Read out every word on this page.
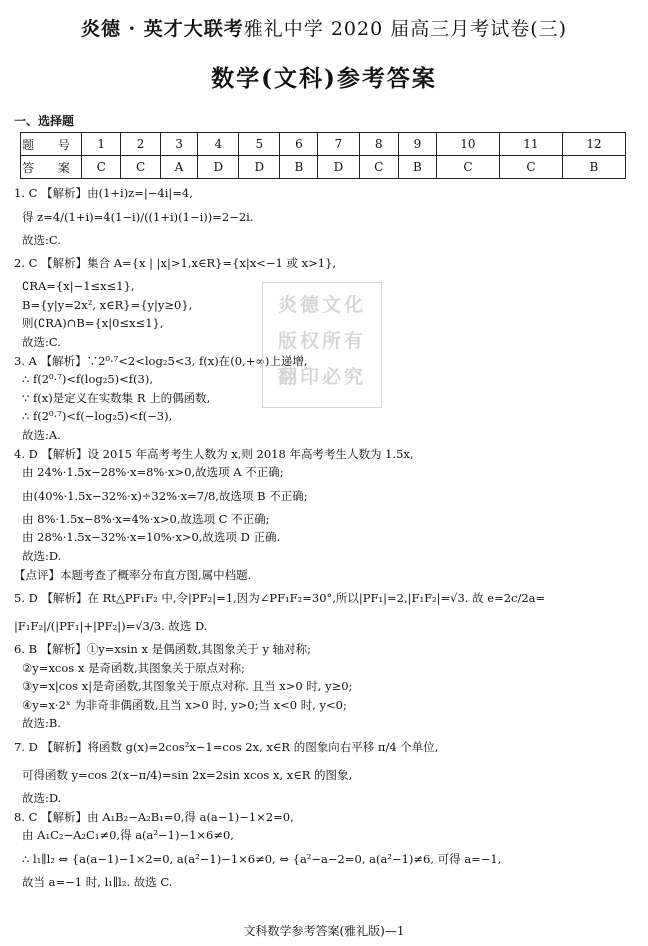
炎德 · 英才大联考雅礼中学 2020 届高三月考试卷(三)
数学(文科)参考答案
一、选择题
题 号	1	2	3	4	5	6	7	8	9	10	11	12
答 案	C	C	A	D	D	B	D	C	B	C	C	B

1. C 【解析】由(1+i)z=|−4i|=4,

得 z=4/(1+i)=4(1−i)/((1+i)(1−i))=2−2i.

故选:C.

2. C 【解析】集合 A={x | |x|>1,x∈R}={x|x<−1 或 x>1},

∁RA={x|−1≤x≤1},

B={y|y=2x², x∈R}={y|y≥0},

则(∁RA)∩B={x|0≤x≤1},

故选:C.

3. A 【解析】∵2⁰·⁷<2<log₂5<3, f(x)在(0,+∞)上递增,

∴ f(2⁰·⁷)<f(log₂5)<f(3),

∵ f(x)是定义在实数集 R 上的偶函数,

∴ f(2⁰·⁷)<f(−log₂5)<f(−3),

故选:A.

4. D 【解析】设 2015 年高考考生人数为 x,则 2018 年高考考生人数为 1.5x,

由 24%·1.5x−28%·x=8%·x>0,故选项 A 不正确;

由(40%·1.5x−32%·x)÷32%·x=7/8,故选项 B 不正确;

由 8%·1.5x−8%·x=4%·x>0,故选项 C 不正确;

由 28%·1.5x−32%·x=10%·x>0,故选项 D 正确.

故选:D.

【点评】本题考查了概率分布直方图,属中档题.

5. D 【解析】在 Rt△PF₁F₂ 中,令|PF₂|=1,因为∠PF₁F₂=30°,所以|PF₁|=2,|F₁F₂|=√3. 故 e=2c/2a=

|F₁F₂|/(|PF₁|+|PF₂|)=√3/3. 故选 D.

6. B 【解析】①y=xsin x 是偶函数,其图象关于 y 轴对称;

②y=xcos x 是奇函数,其图象关于原点对称;

③y=x|cos x|是奇函数,其图象关于原点对称. 且当 x>0 时, y≥0;

④y=x·2ˣ 为非奇非偶函数,且当 x>0 时, y>0;当 x<0 时, y<0;

故选:B.

7. D 【解析】将函数 g(x)=2cos²x−1=cos 2x, x∈R 的图象向右平移 π/4 个单位,

可得函数 y=cos 2(x−π/4)=sin 2x=2sin xcos x, x∈R 的图象,

故选:D.

8. C 【解析】由 A₁B₂−A₂B₁=0,得 a(a−1)−1×2=0,

由 A₁C₂−A₂C₁≠0,得 a(a²−1)−1×6≠0,

∴ l₁∥l₂ ⇔ {a(a−1)−1×2=0, a(a²−1)−1×6≠0, ⇔ {a²−a−2=0, a(a²−1)≠6, 可得 a=−1,

故当 a=−1 时, l₁∥l₂. 故选 C.

炎德文化
版权所有
翻印必究
文科数学参考答案(雅礼版)—1
